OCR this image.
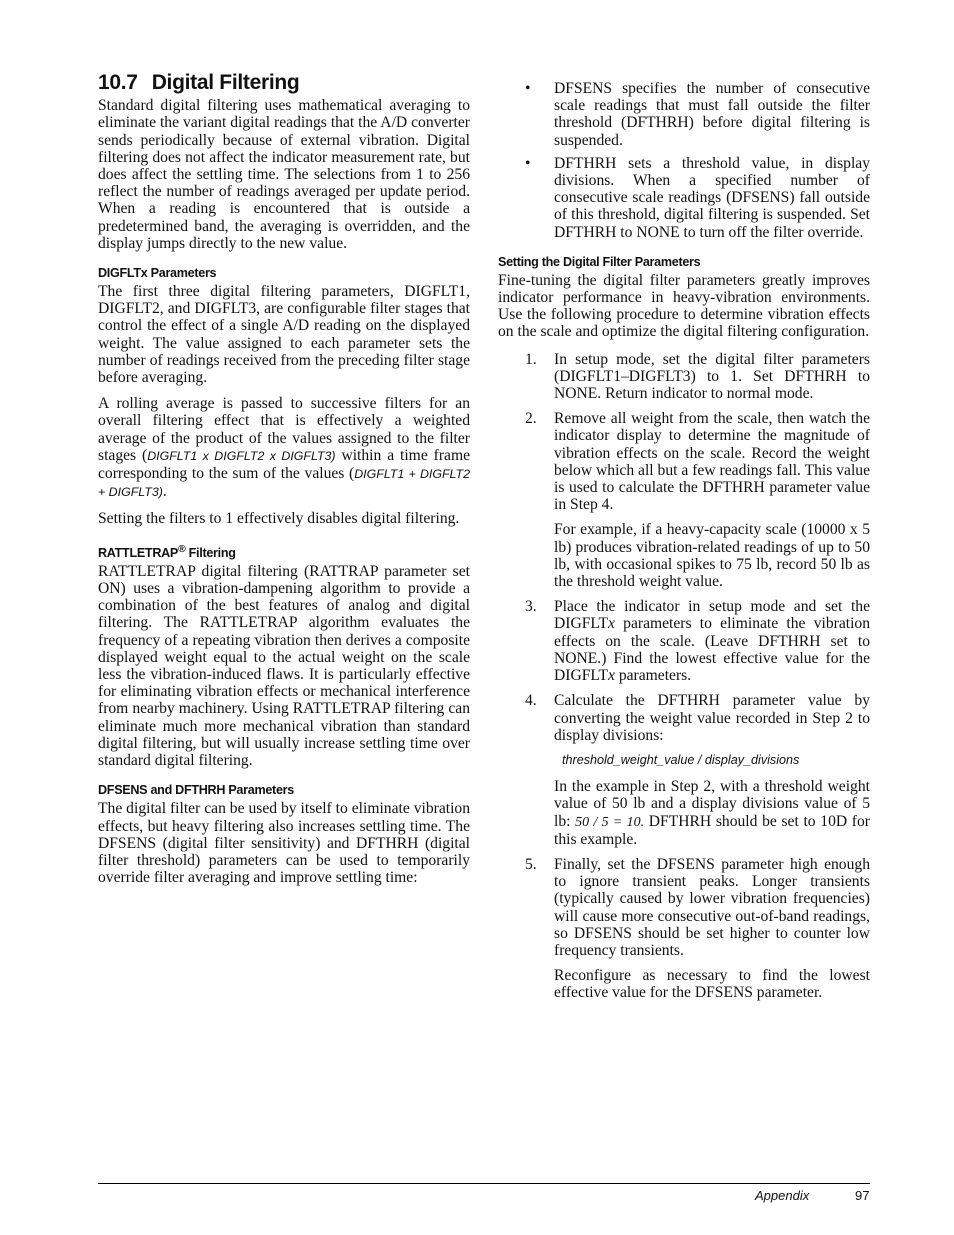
10.7 Digital Filtering

Standard digital filtering uses mathematical averaging to eliminate the variant digital readings that the A/D converter sends periodically because of external vibration. Digital filtering does not affect the indicator measurement rate, but does affect the settling time. The selections from 1 to 256 reflect the number of readings averaged per update period. When a reading is encountered that is outside a predetermined band, the averaging is overridden, and the display jumps directly to the new value.

DIGFLTx Parameters

The first three digital filtering parameters, DIGFLT1, DIGFLT2, and DIGFLT3, are configurable filter stages that control the effect of a single A/D reading on the displayed weight. The value assigned to each parameter sets the number of readings received from the preceding filter stage before averaging.

A rolling average is passed to successive filters for an overall filtering effect that is effectively a weighted average of the product of the values assigned to the filter stages (DIGFLT1 x DIGFLT2 x DIGFLT3) within a time frame corresponding to the sum of the values (DIGFLT1 + DIGFLT2 + DIGFLT3).

Setting the filters to 1 effectively disables digital filtering.

RATTLETRAP® Filtering

RATTLETRAP digital filtering (RATTRAP parameter set ON) uses a vibration-dampening algorithm to provide a combination of the best features of analog and digital filtering. The RATTLETRAP algorithm evaluates the frequency of a repeating vibration then derives a composite displayed weight equal to the actual weight on the scale less the vibration-induced flaws. It is particularly effective for eliminating vibration effects or mechanical interference from nearby machinery. Using RATTLETRAP filtering can eliminate much more mechanical vibration than standard digital filtering, but will usually increase settling time over standard digital filtering.

DFSENS and DFTHRH Parameters

The digital filter can be used by itself to eliminate vibration effects, but heavy filtering also increases settling time. The DFSENS (digital filter sensitivity) and DFTHRH (digital filter threshold) parameters can be used to temporarily override filter averaging and improve settling time:

• DFSENS specifies the number of consecutive scale readings that must fall outside the filter threshold (DFTHRH) before digital filtering is suspended.
• DFTHRH sets a threshold value, in display divisions. When a specified number of consecutive scale readings (DFSENS) fall outside of this threshold, digital filtering is suspended. Set DFTHRH to NONE to turn off the filter override.
Setting the Digital Filter Parameters

Fine-tuning the digital filter parameters greatly improves indicator performance in heavy-vibration environments. Use the following procedure to determine vibration effects on the scale and optimize the digital filtering configuration.

1. In setup mode, set the digital filter parameters (DIGFLT1–DIGFLT3) to 1. Set DFTHRH to NONE. Return indicator to normal mode.

2. Remove all weight from the scale, then watch the indicator display to determine the magnitude of vibration effects on the scale. Record the weight below which all but a few readings fall. This value is used to calculate the DFTHRH parameter value in Step 4.

For example, if a heavy-capacity scale (10000 x 5 lb) produces vibration-related readings of up to 50 lb, with occasional spikes to 75 lb, record 50 lb as the threshold weight value.

3. Place the indicator in setup mode and set the DIGFLTx parameters to eliminate the vibration effects on the scale. (Leave DFTHRH set to NONE.) Find the lowest effective value for the DIGFLTx parameters.

4. Calculate the DFTHRH parameter value by converting the weight value recorded in Step 2 to display divisions:

threshold_weight_value / display_divisions

In the example in Step 2, with a threshold weight value of 50 lb and a display divisions value of 5 lb: 50 / 5 = 10. DFTHRH should be set to 10D for this example.

5. Finally, set the DFSENS parameter high enough to ignore transient peaks. Longer transients (typically caused by lower vibration frequencies) will cause more consecutive out-of-band readings, so DFSENS should be set higher to counter low frequency transients.

Reconfigure as necessary to find the lowest effective value for the DFSENS parameter.

Appendix	97
